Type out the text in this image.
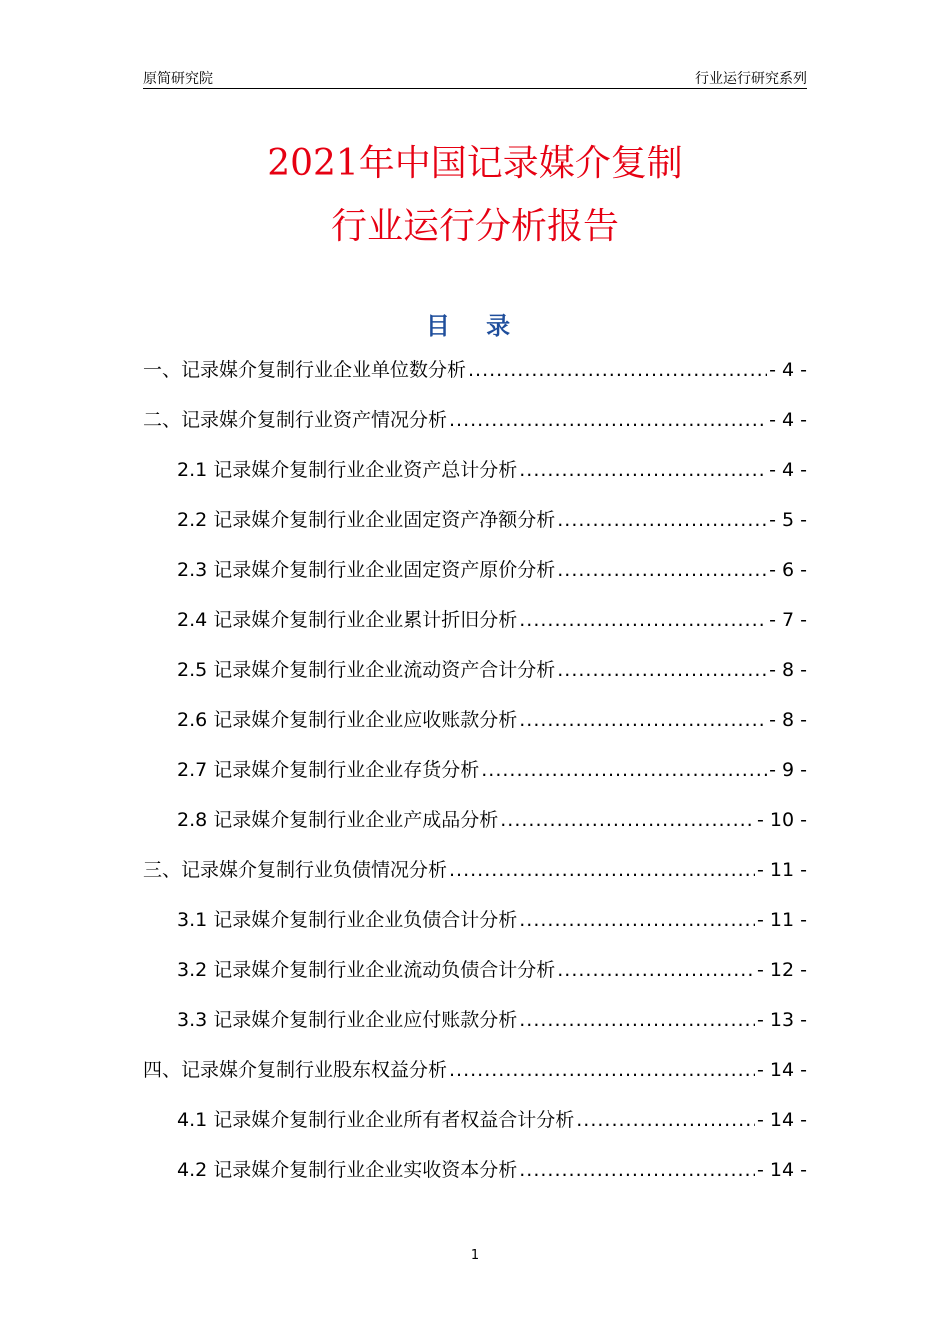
原简研究院	行业运行研究系列
2021年中国记录媒介复制
行业运行分析报告
目 录
一、记录媒介复制行业企业单位数分析 .....	- 4 -
二、记录媒介复制行业资产情况分析 .....	- 4 -
2.1 记录媒介复制行业企业资产总计分析 .....	- 4 -
2.2 记录媒介复制行业企业固定资产净额分析 .....	- 5 -
2.3 记录媒介复制行业企业固定资产原价分析 .....	- 6 -
2.4 记录媒介复制行业企业累计折旧分析 .....	- 7 -
2.5 记录媒介复制行业企业流动资产合计分析 .....	- 8 -
2.6 记录媒介复制行业企业应收账款分析 .....	- 8 -
2.7 记录媒介复制行业企业存货分析 .....	- 9 -
2.8 记录媒介复制行业企业产成品分析 .....	- 10 -
三、记录媒介复制行业负债情况分析 .....	- 11 -
3.1 记录媒介复制行业企业负债合计分析 .....	- 11 -
3.2 记录媒介复制行业企业流动负债合计分析 .....	- 12 -
3.3 记录媒介复制行业企业应付账款分析 .....	- 13 -
四、记录媒介复制行业股东权益分析 .....	- 14 -
4.1 记录媒介复制行业企业所有者权益合计分析 .....	- 14 -
4.2 记录媒介复制行业企业实收资本分析 .....	- 14 -
1
